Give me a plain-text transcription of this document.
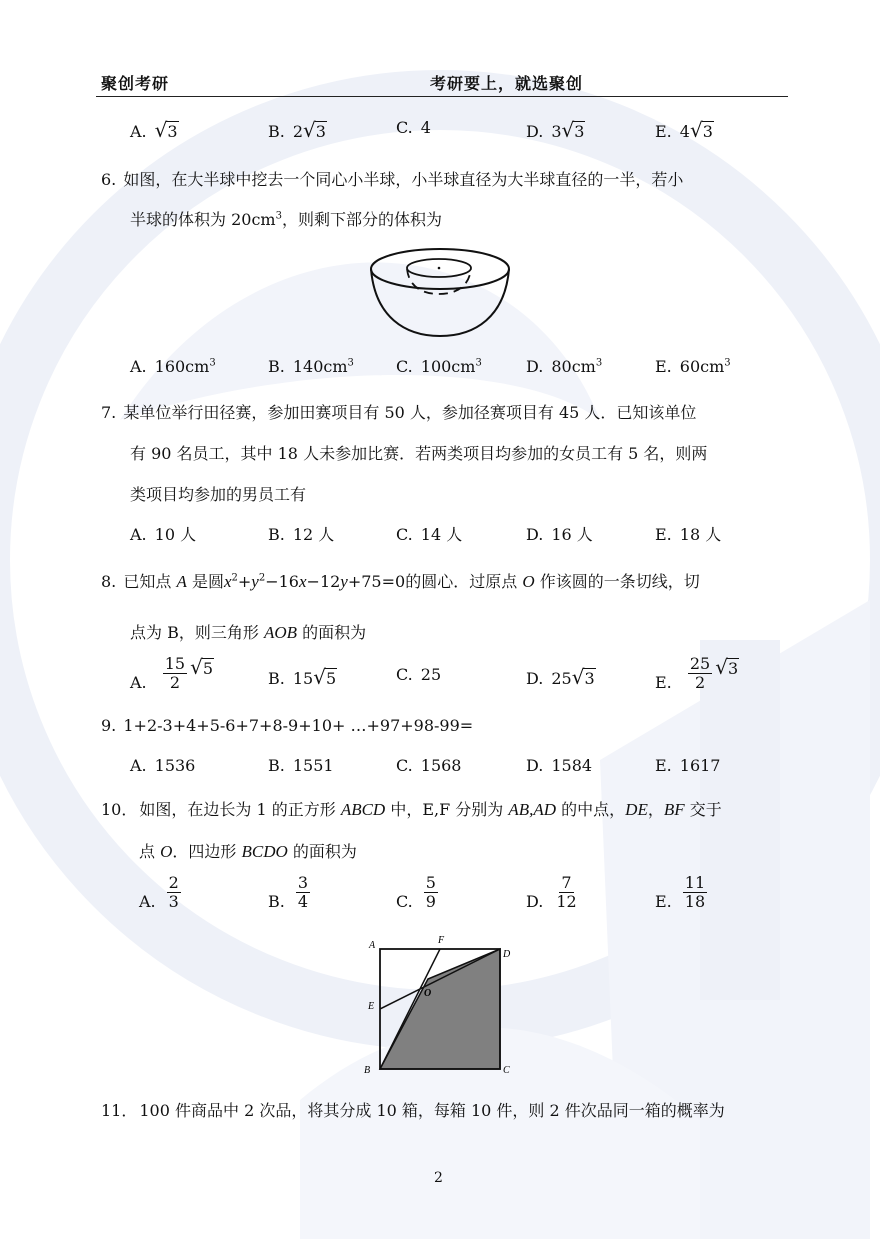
聚创考研	考研要上，就选聚创
A. √3	B. 2√3	C. 4	D. 3√3	E. 4√3
6. 如图，在大半球中挖去一个同心小半球，小半球直径为大半球直径的一半，若小
半球的体积为 $20cm^3$，则剩下部分的体积为
A. $160cm^3$	B. $140cm^3$	C. $100cm^3$	D. $80cm^3$	E. $60cm^3$
7. 某单位举行田径赛，参加田赛项目有 50 人，参加径赛项目有 45 人．已知该单位
有 90 名员工，其中 18 人未参加比赛．若两类项目均参加的女员工有 5 名，则两
类项目均参加的男员工有
A. 10 人	B. 12 人	C. 14 人	D. 16 人	E. 18 人
8. 已知点 A 是圆$x^2+y^2-16x-12y+75=0$的圆心．过原点 O 作该圆的一条切线，切
点为 B，则三角形 AOB 的面积为
A. $\frac{15}{2} √5$
B. 15√5	C. 25	D. 25√3	E. $\frac{25}{2} √3$
9. 1+2-3+4+5-6+7+8-9+10+ …+97+98-99=
A. 1536	B. 1551	C. 1568	D. 1584	E. 1617
10． 如图，在边长为 1 的正方形 ABCD 中，E,F 分别为 AB,AD 的中点，DE，BF 交于
点 O．四边形 BCDO 的面积为
A. $\frac{2}{3}$	B. $\frac{3}{4}$	C. $\frac{5}{9}$	D. $\frac{7}{12}$	E. $\frac{11}{18}$
A	F
D
O
E
B	C
11． 100 件商品中 2 次品，将其分成 10 箱，每箱 10 件，则 2 件次品同一箱的概率为
2
